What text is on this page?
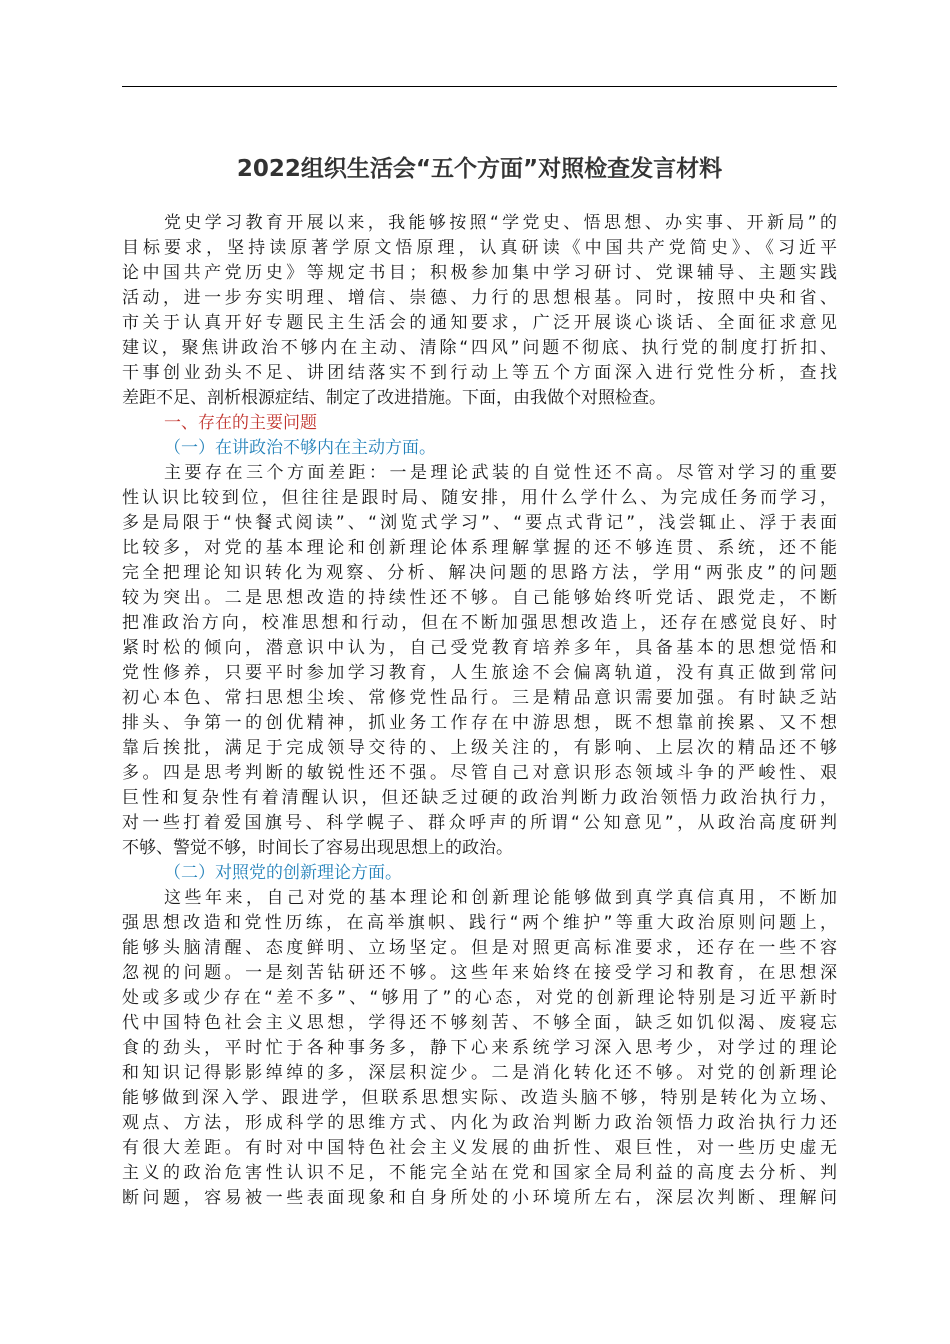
2022组织生活会“五个方面”对照检查发言材料
党史学习教育开展以来，我能够按照“学党史、悟思想、办实事、开新局”的
目标要求，坚持读原著学原文悟原理，认真研读《中国共产党简史》、《习近平
论中国共产党历史》等规定书目；积极参加集中学习研讨、党课辅导、主题实践
活动，进一步夯实明理、增信、崇德、力行的思想根基。同时，按照中央和省、
市关于认真开好专题民主生活会的通知要求，广泛开展谈心谈话、全面征求意见
建议，聚焦讲政治不够内在主动、清除“四风”问题不彻底、执行党的制度打折扣、
干事创业劲头不足、讲团结落实不到行动上等五个方面深入进行党性分析，查找
差距不足、剖析根源症结、制定了改进措施。下面，由我做个对照检查。
一、存在的主要问题
（一）在讲政治不够内在主动方面。
主要存在三个方面差距：一是理论武装的自觉性还不高。尽管对学习的重要
性认识比较到位，但往往是跟时局、随安排，用什么学什么、为完成任务而学习，
多是局限于“快餐式阅读”、“浏览式学习”、“要点式背记”，浅尝辄止、浮于表面
比较多，对党的基本理论和创新理论体系理解掌握的还不够连贯、系统，还不能
完全把理论知识转化为观察、分析、解决问题的思路方法，学用“两张皮”的问题
较为突出。二是思想改造的持续性还不够。自己能够始终听党话、跟党走，不断
把准政治方向，校准思想和行动，但在不断加强思想改造上，还存在感觉良好、时
紧时松的倾向，潜意识中认为，自己受党教育培养多年，具备基本的思想觉悟和
党性修养，只要平时参加学习教育，人生旅途不会偏离轨道，没有真正做到常问
初心本色、常扫思想尘埃、常修党性品行。三是精品意识需要加强。有时缺乏站
排头、争第一的创优精神，抓业务工作存在中游思想，既不想靠前挨累、又不想
靠后挨批，满足于完成领导交待的、上级关注的，有影响、上层次的精品还不够
多。四是思考判断的敏锐性还不强。尽管自己对意识形态领域斗争的严峻性、艰
巨性和复杂性有着清醒认识，但还缺乏过硬的政治判断力政治领悟力政治执行力，
对一些打着爱国旗号、科学幌子、群众呼声的所谓“公知意见”，从政治高度研判
不够、警觉不够，时间长了容易出现思想上的政治。
（二）对照党的创新理论方面。
这些年来，自己对党的基本理论和创新理论能够做到真学真信真用，不断加
强思想改造和党性历练，在高举旗帜、践行“两个维护”等重大政治原则问题上，
能够头脑清醒、态度鲜明、立场坚定。但是对照更高标准要求，还存在一些不容
忽视的问题。一是刻苦钻研还不够。这些年来始终在接受学习和教育，在思想深
处或多或少存在“差不多”、“够用了”的心态，对党的创新理论特别是习近平新时
代中国特色社会主义思想，学得还不够刻苦、不够全面，缺乏如饥似渴、废寝忘
食的劲头，平时忙于各种事务多，静下心来系统学习深入思考少，对学过的理论
和知识记得影影绰绰的多，深层积淀少。二是消化转化还不够。对党的创新理论
能够做到深入学、跟进学，但联系思想实际、改造头脑不够，特别是转化为立场、
观点、方法，形成科学的思维方式、内化为政治判断力政治领悟力政治执行力还
有很大差距。有时对中国特色社会主义发展的曲折性、艰巨性，对一些历史虚无
主义的政治危害性认识不足，不能完全站在党和国家全局利益的高度去分析、判
断问题，容易被一些表面现象和自身所处的小环境所左右，深层次判断、理解问
